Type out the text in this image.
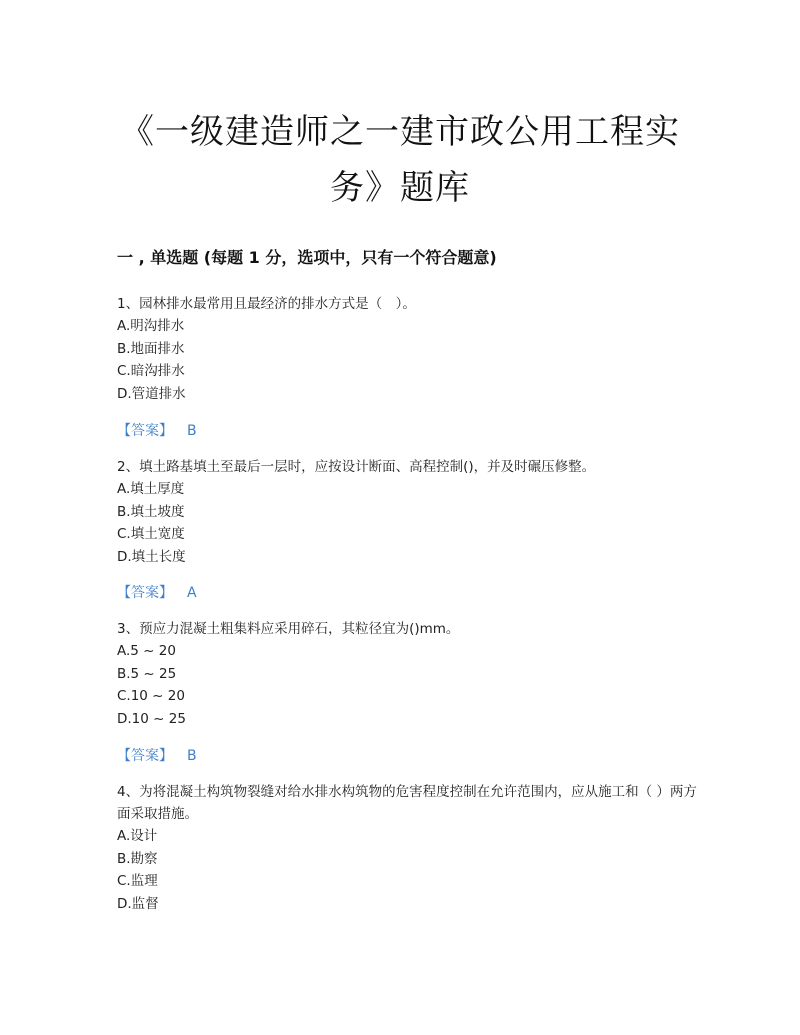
《一级建造师之一建市政公用工程实
务》题库
一 , 单选题 (每题 1 分，选项中，只有一个符合题意)

1、园林排水最常用且最经济的排水方式是（　）。

A.明沟排水

B.地面排水

C.暗沟排水

D.管道排水

【答案】 B

2、填土路基填土至最后一层时，应按设计断面、高程控制()，并及时碾压修整。

A.填土厚度

B.填土坡度

C.填土宽度

D.填土长度

【答案】 A

3、预应力混凝土粗集料应采用碎石，其粒径宜为()mm。

A.5 ~ 20

B.5 ~ 25

C.10 ~ 20

D.10 ~ 25

【答案】 B

4、为将混凝土构筑物裂缝对给水排水构筑物的危害程度控制在允许范围内，应从施工和（ ）两方面采取措施。

A.设计

B.勘察

C.监理

D.监督
